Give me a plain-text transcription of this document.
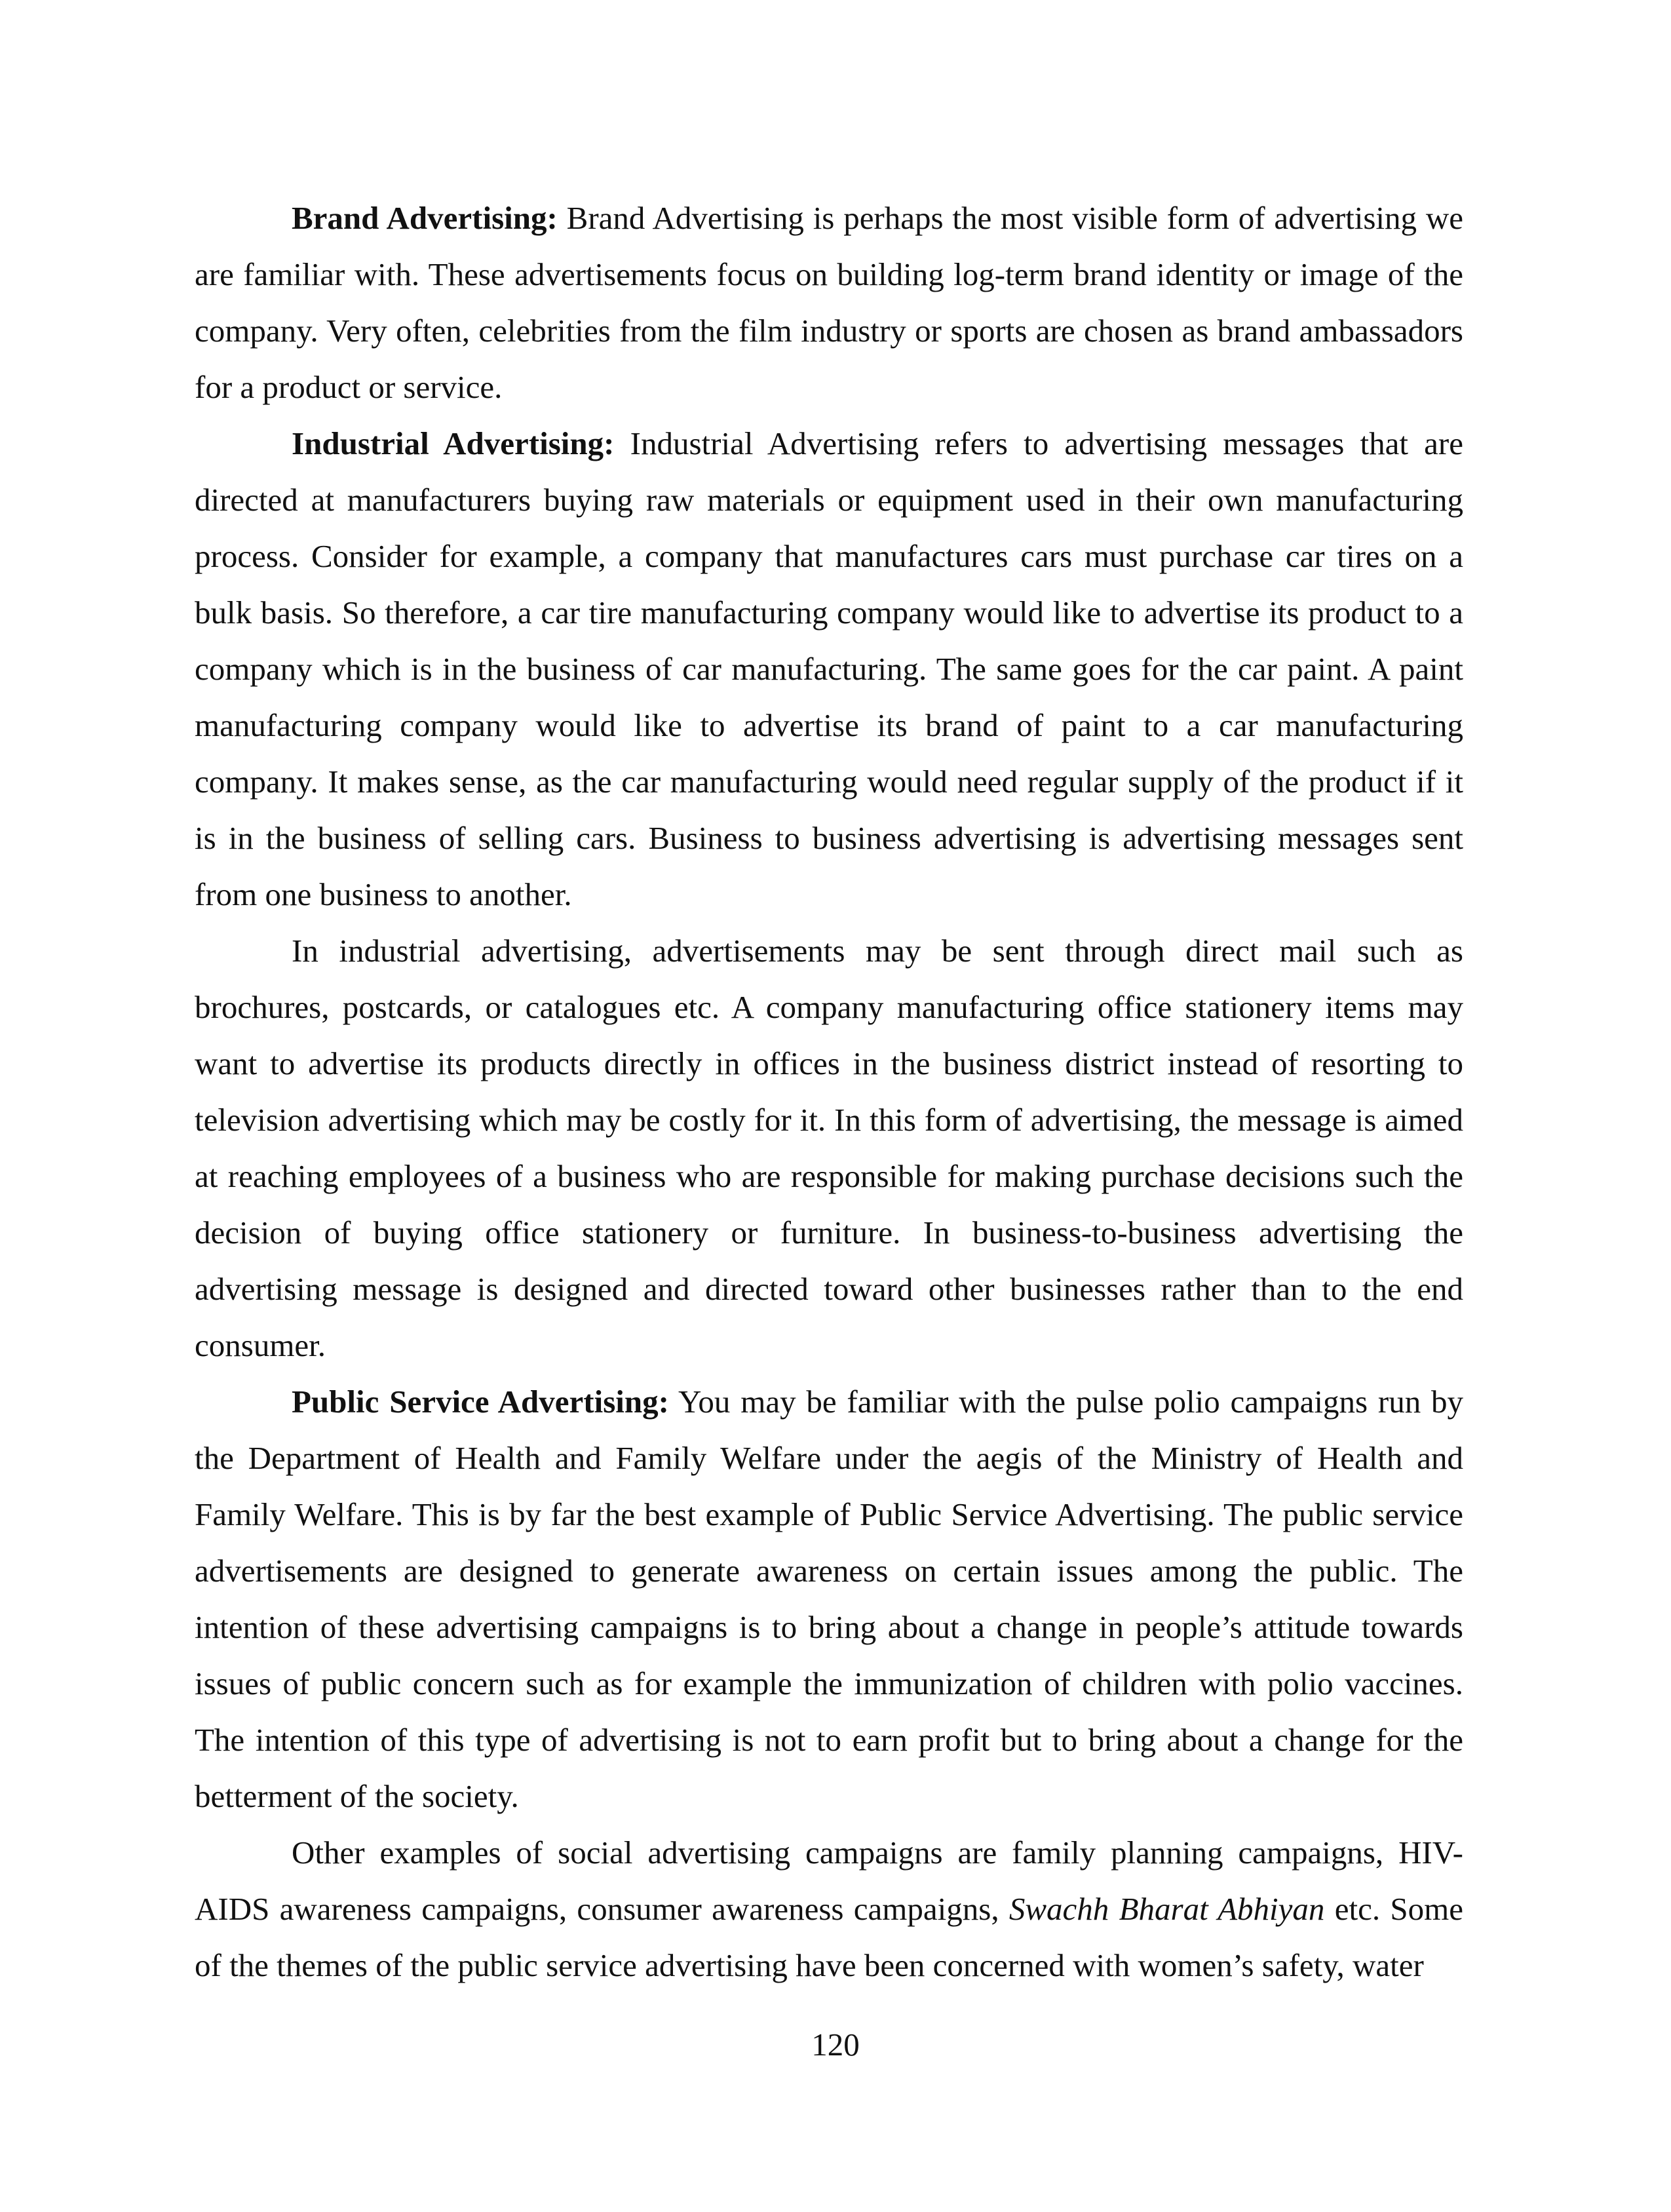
Brand Advertising: Brand Advertising is perhaps the most visible form of advertising we are familiar with. These advertisements focus on building log-term brand identity or image of the company. Very often, celebrities from the film industry or sports are chosen as brand ambassadors for a product or service.

Industrial Advertising: Industrial Advertising refers to advertising messages that are directed at manufacturers buying raw materials or equipment used in their own manufacturing process. Consider for example, a company that manufactures cars must purchase car tires on a bulk basis. So therefore, a car tire manufacturing company would like to advertise its product to a company which is in the business of car manufacturing. The same goes for the car paint. A paint manufacturing company would like to advertise its brand of paint to a car manufacturing company. It makes sense, as the car manufacturing would need regular supply of the product if it is in the business of selling cars. Business to business advertising is advertising messages sent from one business to another.

In industrial advertising, advertisements may be sent through direct mail such as brochures, postcards, or catalogues etc. A company manufacturing office stationery items may want to advertise its products directly in offices in the business district instead of resorting to television advertising which may be costly for it. In this form of advertising, the message is aimed at reaching employees of a business who are responsible for making purchase decisions such the decision of buying office stationery or furniture. In business-to-business advertising the advertising message is designed and directed toward other businesses rather than to the end consumer.

Public Service Advertising: You may be familiar with the pulse polio campaigns run by the Department of Health and Family Welfare under the aegis of the Ministry of Health and Family Welfare. This is by far the best example of Public Service Advertising. The public service advertisements are designed to generate awareness on certain issues among the public. The intention of these advertising campaigns is to bring about a change in people’s attitude towards issues of public concern such as for example the immunization of children with polio vaccines. The intention of this type of advertising is not to earn profit but to bring about a change for the betterment of the society.

Other examples of social advertising campaigns are family planning campaigns, HIV-AIDS awareness campaigns, consumer awareness campaigns, Swachh Bharat Abhiyan etc. Some of the themes of the public service advertising have been concerned with women’s safety, water

120
